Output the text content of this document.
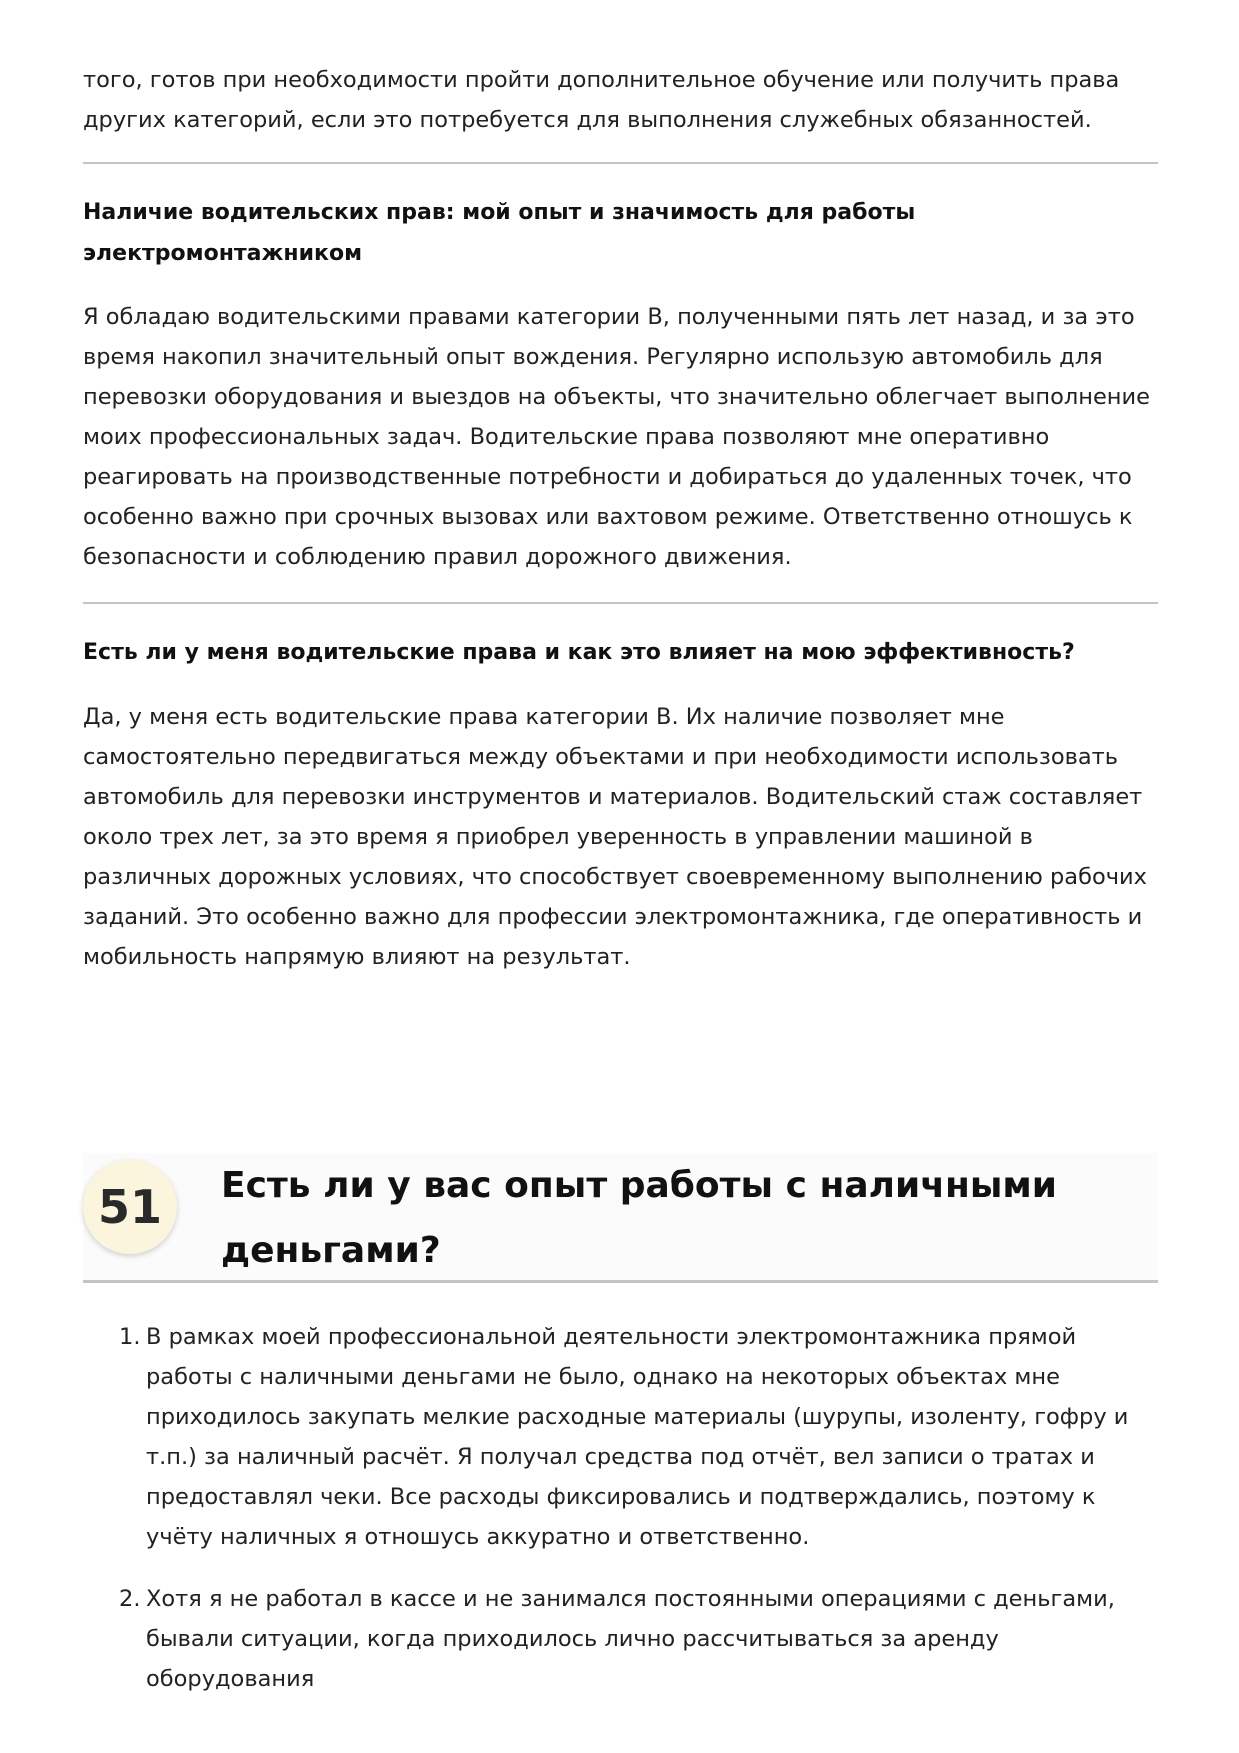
того, готов при необходимости пройти дополнительное обучение или получить права других категорий, если это потребуется для выполнения служебных обязанностей.

Наличие водительских прав: мой опыт и значимость для работы электромонтажником

Я обладаю водительскими правами категории B, полученными пять лет назад, и за это время накопил значительный опыт вождения. Регулярно использую автомобиль для перевозки оборудования и выездов на объекты, что значительно облегчает выполнение моих профессиональных задач. Водительские права позволяют мне оперативно реагировать на производственные потребности и добираться до удаленных точек, что особенно важно при срочных вызовах или вахтовом режиме. Ответственно отношусь к безопасности и соблюдению правил дорожного движения.

Есть ли у меня водительские права и как это влияет на мою эффективность?

Да, у меня есть водительские права категории B. Их наличие позволяет мне самостоятельно передвигаться между объектами и при необходимости использовать автомобиль для перевозки инструментов и материалов. Водительский стаж составляет около трех лет, за это время я приобрел уверенность в управлении машиной в различных дорожных условиях, что способствует своевременному выполнению рабочих заданий. Это особенно важно для профессии электромонтажника, где оперативность и мобильность напрямую влияют на результат.

51	Есть ли у вас опыт работы с наличными деньгами?
1. В рамках моей профессиональной деятельности электромонтажника прямой работы с наличными деньгами не было, однако на некоторых объектах мне приходилось закупать мелкие расходные материалы (шурупы, изоленту, гофру и т.п.) за наличный расчёт. Я получал средства под отчёт, вел записи о тратах и предоставлял чеки. Все расходы фиксировались и подтверждались, поэтому к учёту наличных я отношусь аккуратно и ответственно.
2. Хотя я не работал в кассе и не занимался постоянными операциями с деньгами, бывали ситуации, когда приходилось лично рассчитываться за аренду оборудования
